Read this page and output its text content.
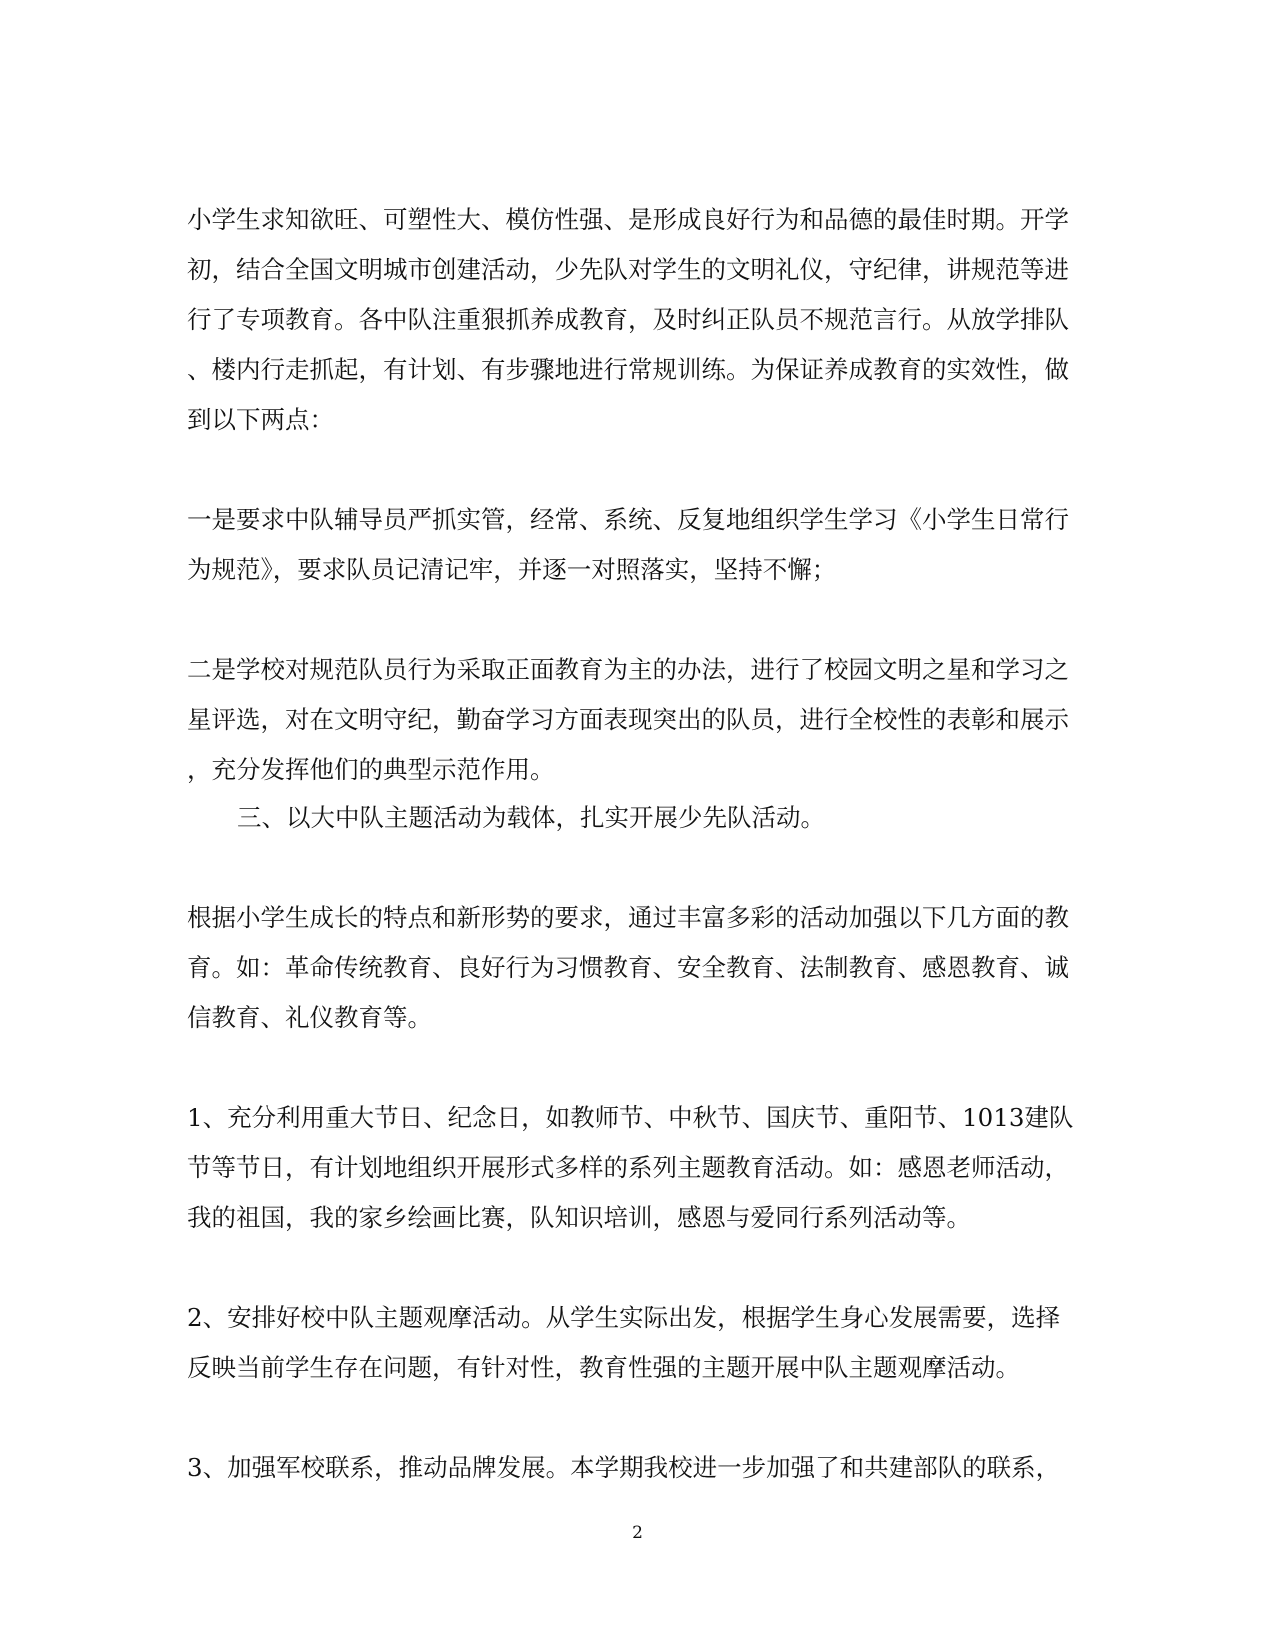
小学生求知欲旺、可塑性大、模仿性强、是形成良好行为和品德的最佳时期。开学
初，结合全国文明城市创建活动，少先队对学生的文明礼仪，守纪律，讲规范等进
行了专项教育。各中队注重狠抓养成教育，及时纠正队员不规范言行。从放学排队
、楼内行走抓起，有计划、有步骤地进行常规训练。为保证养成教育的实效性，做
到以下两点：
一是要求中队辅导员严抓实管，经常、系统、反复地组织学生学习《小学生日常行
为规范》，要求队员记清记牢，并逐一对照落实，坚持不懈；
二是学校对规范队员行为采取正面教育为主的办法，进行了校园文明之星和学习之
星评选，对在文明守纪，勤奋学习方面表现突出的队员，进行全校性的表彰和展示
，充分发挥他们的典型示范作用。
三、以大中队主题活动为载体，扎实开展少先队活动。
根据小学生成长的特点和新形势的要求，通过丰富多彩的活动加强以下几方面的教
育。如：革命传统教育、良好行为习惯教育、安全教育、法制教育、感恩教育、诚
信教育、礼仪教育等。
1、充分利用重大节日、纪念日，如教师节、中秋节、国庆节、重阳节、1013建队
节等节日，有计划地组织开展形式多样的系列主题教育活动。如：感恩老师活动，
我的祖国，我的家乡绘画比赛，队知识培训，感恩与爱同行系列活动等。
2、安排好校中队主题观摩活动。从学生实际出发，根据学生身心发展需要，选择
反映当前学生存在问题，有针对性，教育性强的主题开展中队主题观摩活动。
3、加强军校联系，推动品牌发展。本学期我校进一步加强了和共建部队的联系，
2
